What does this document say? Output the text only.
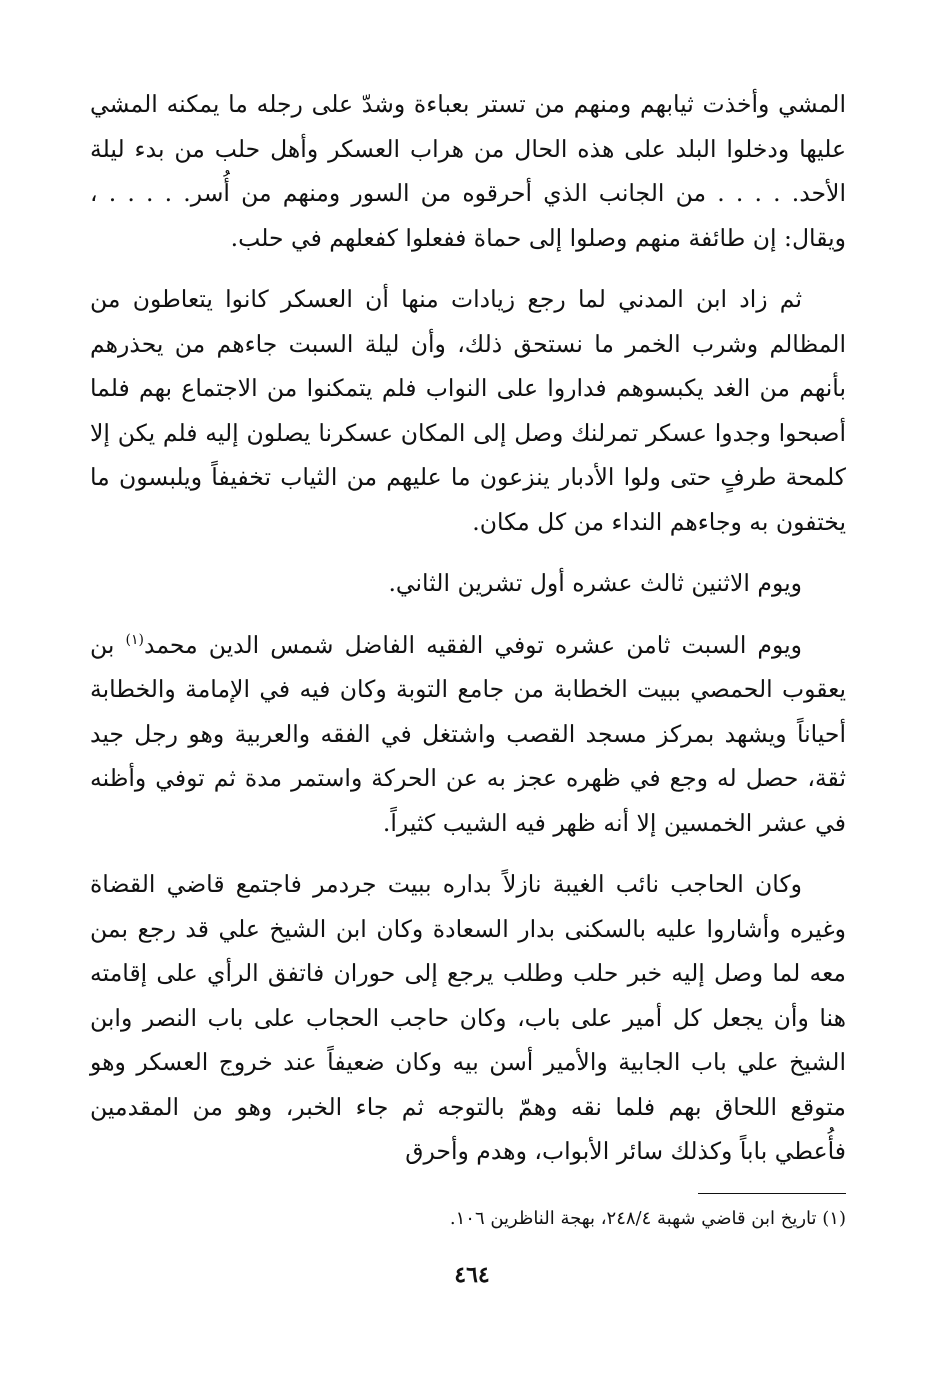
المشي وأخذت ثيابهم ومنهم من تستر بعباءة وشدّ على رجله ما يمكنه المشي عليها ودخلوا البلد على هذه الحال من هراب العسكر وأهل حلب من بدء ليلة الأحد. . . . . من الجانب الذي أحرقوه من السور ومنهم من أُسر. . . . . ، ويقال: إن طائفة منهم وصلوا إلى حماة ففعلوا كفعلهم في حلب.

ثم زاد ابن المدني لما رجع زيادات منها أن العسكر كانوا يتعاطون من المظالم وشرب الخمر ما نستحق ذلك، وأن ليلة السبت جاءهم من يحذرهم بأنهم من الغد يكبسوهم فداروا على النواب فلم يتمكنوا من الاجتماع بهم فلما أصبحوا وجدوا عسكر تمرلنك وصل إلى المكان عسكرنا يصلون إليه فلم يكن إلا كلمحة طرفٍ حتى ولوا الأدبار ينزعون ما عليهم من الثياب تخفيفاً ويلبسون ما يختفون به وجاءهم النداء من كل مكان.

ويوم الاثنين ثالث عشره أول تشرين الثاني.

ويوم السبت ثامن عشره توفي الفقيه الفاضل شمس الدين محمد$^{(١)}$ بن يعقوب الحمصي ببيت الخطابة من جامع التوبة وكان فيه في الإمامة والخطابة أحياناً ويشهد بمركز مسجد القصب واشتغل في الفقه والعربية وهو رجل جيد ثقة، حصل له وجع في ظهره عجز به عن الحركة واستمر مدة ثم توفي وأظنه في عشر الخمسين إلا أنه ظهر فيه الشيب كثيراً.

وكان الحاجب نائب الغيبة نازلاً بداره ببيت جردمر فاجتمع قاضي القضاة وغيره وأشاروا عليه بالسكنى بدار السعادة وكان ابن الشيخ علي قد رجع بمن معه لما وصل إليه خبر حلب وطلب يرجع إلى حوران فاتفق الرأي على إقامته هنا وأن يجعل كل أمير على باب، وكان حاجب الحجاب على باب النصر وابن الشيخ علي باب الجابية والأمير أسن بيه وكان ضعيفاً عند خروج العسكر وهو متوقع اللحاق بهم فلما نقه وهمّ بالتوجه ثم جاء الخبر، وهو من المقدمين فأُعطي باباً وكذلك سائر الأبواب، وهدم وأحرق

(١) تاريخ ابن قاضي شهبة ٢٤٨/٤، بهجة الناظرين ١٠٦.
٤٦٤
